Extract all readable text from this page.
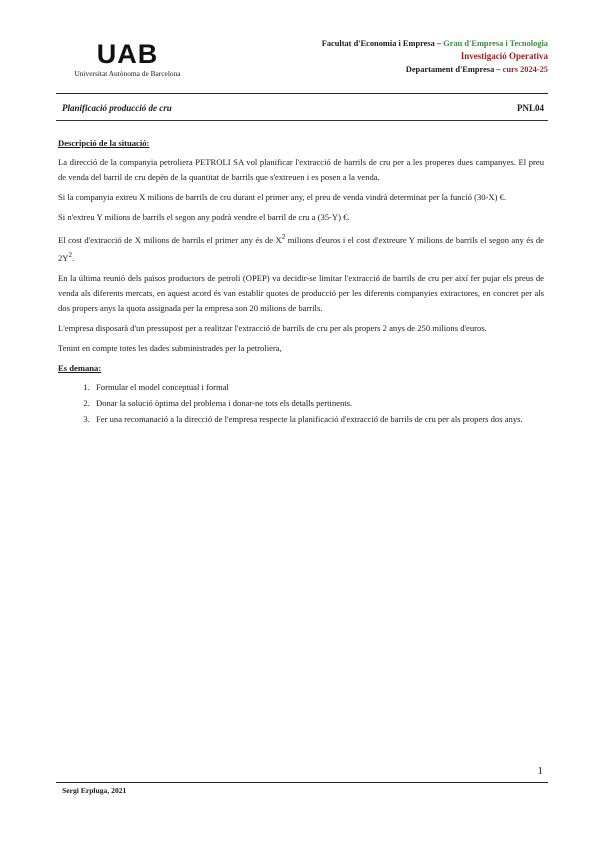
UAB
Universitat Autònoma de Barcelona
Facultat d'Economia i Empresa – Grau d'Empresa i Tecnologia
Investigació Operativa
Departament d'Empresa – curs 2024-25
Planificació producció de cru	PNL04

Descripció de la situació:

La direcció de la companyia petroliera PETROLI SA vol planificar l'extracció de barrils de cru per a les properes dues campanyes. El preu de venda del barril de cru depèn de la quantitat de barrils que s'extreuen i es posen a la venda.

Si la companyia extreu X milions de barrils de cru durant el primer any, el preu de venda vindrà determinat per la funció (30-X) €.

Si n'extreu Y milions de barrils el segon any podrà vendre el barril de cru a (35-Y) €.

El cost d'extracció de X milions de barrils el primer any és de $X^2$ milions d'euros i el cost d'extreure Y milions de barrils el segon any és de $2Y^2$.

En la última reunió dels països productors de petroli (OPEP) va decidir-se limitar l'extracció de barrils de cru per així fer pujar els preus de venda als diferents mercats, en aquest acord és van establir quotes de producció per les diferents companyies extractores, en concret per als dos propers anys la quota assignada per la empresa son 20 milions de barrils.

L'empresa disposarà d'un pressupost per a realitzar l'extracció de barrils de cru per als propers 2 anys de 250 milions d'euros.

Tenint en compte totes les dades subministrades per la petroliera,

Es demana:

1. Formular el model conceptual i formal
2. Donar la solució òptima del problema i donar-ne tots els detalls pertinents.
3. Fer una recomanació a la direcció de l'empresa respecte la planificació d'extracció de barrils de cru per als propers dos anys.
1
Sergi Erpluga, 2021
